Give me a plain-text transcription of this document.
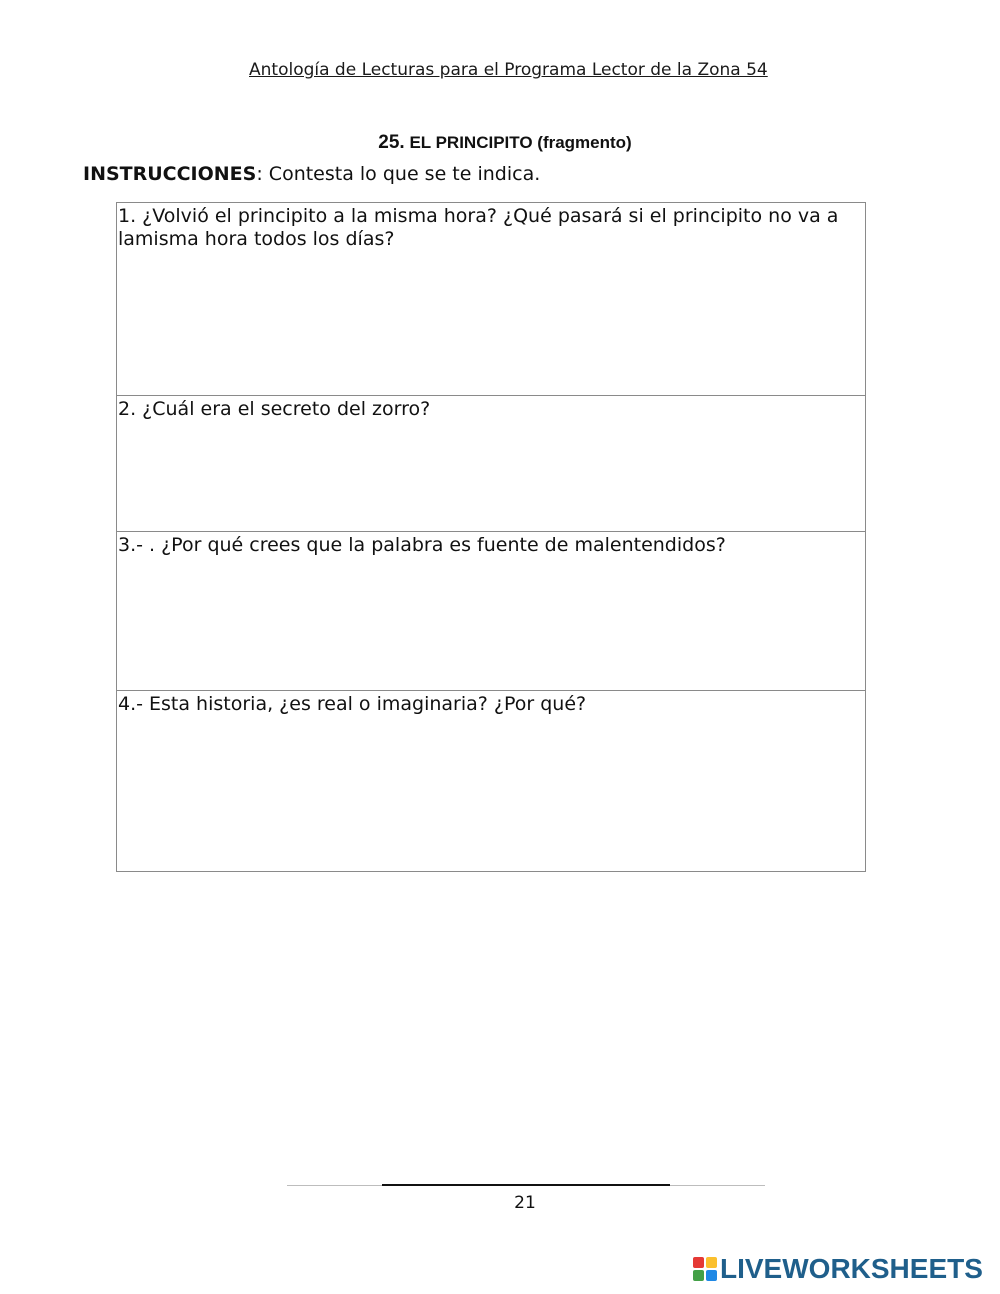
Antología de Lecturas para el Programa Lector de la Zona 54
25. EL PRINCIPITO (fragmento)
INSTRUCCIONES: Contesta lo que se te indica.
1. ¿Volvió el principito a la misma hora? ¿Qué pasará si el principito no va a lamisma hora todos los días?
2. ¿Cuál era el secreto del zorro?
3.- . ¿Por qué crees que la palabra es fuente de malentendidos?
4.- Esta historia, ¿es real o imaginaria? ¿Por qué?
21
LIVEWORKSHEETS
